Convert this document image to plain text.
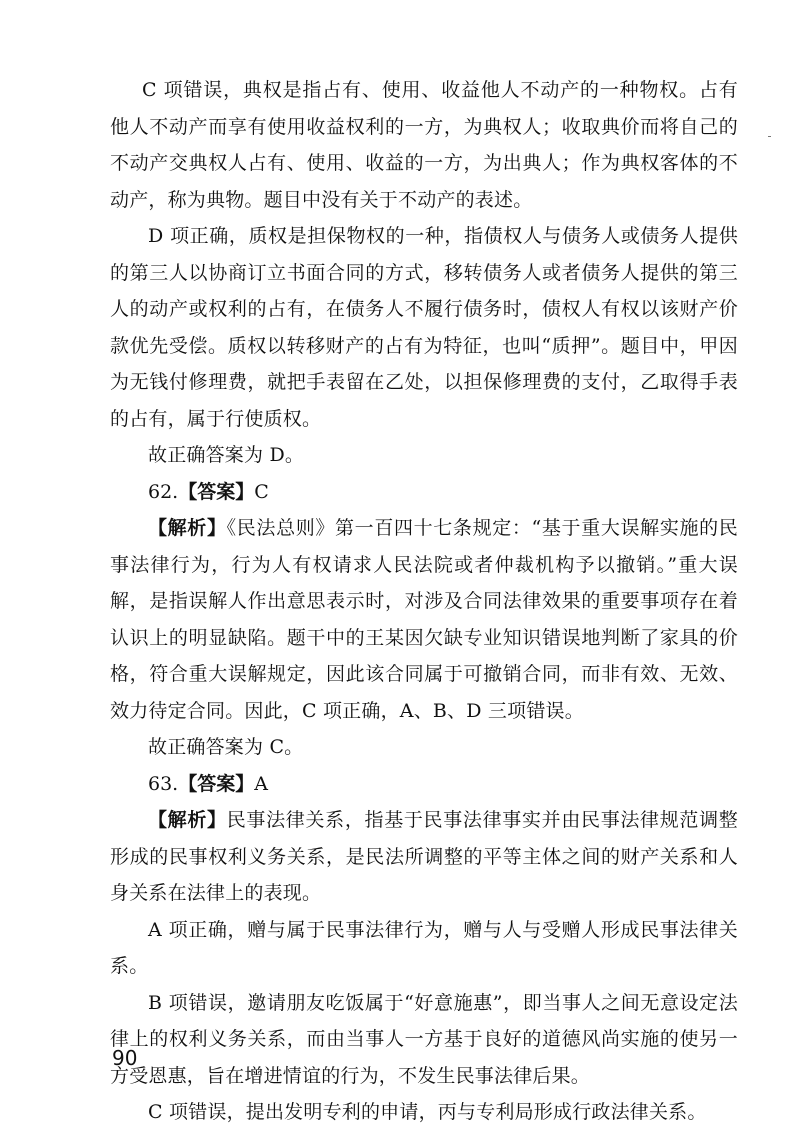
C 项错误，典权是指占有、使用、收益他人不动产的一种物权。占有他人不动产而享有使用收益权利的一方，为典权人；收取典价而将自己的不动产交典权人占有、使用、收益的一方，为出典人；作为典权客体的不动产，称为典物。题目中没有关于不动产的表述。

D 项正确，质权是担保物权的一种，指债权人与债务人或债务人提供的第三人以协商订立书面合同的方式，移转债务人或者债务人提供的第三人的动产或权利的占有，在债务人不履行债务时，债权人有权以该财产价款优先受偿。质权以转移财产的占有为特征，也叫“质押”。题目中，甲因为无钱付修理费，就把手表留在乙处，以担保修理费的支付，乙取得手表的占有，属于行使质权。

故正确答案为 D。

62.【答案】C

【解析】《民法总则》第一百四十七条规定：“基于重大误解实施的民事法律行为，行为人有权请求人民法院或者仲裁机构予以撤销。”重大误解，是指误解人作出意思表示时，对涉及合同法律效果的重要事项存在着认识上的明显缺陷。题干中的王某因欠缺专业知识错误地判断了家具的价格，符合重大误解规定，因此该合同属于可撤销合同，而非有效、无效、效力待定合同。因此，C 项正确，A、B、D 三项错误。

故正确答案为 C。

63.【答案】A

【解析】民事法律关系，指基于民事法律事实并由民事法律规范调整形成的民事权利义务关系，是民法所调整的平等主体之间的财产关系和人身关系在法律上的表现。

A 项正确，赠与属于民事法律行为，赠与人与受赠人形成民事法律关系。

B 项错误，邀请朋友吃饭属于“好意施惠”，即当事人之间无意设定法律上的权利义务关系，而由当事人一方基于良好的道德风尚实施的使另一方受恩惠，旨在增进情谊的行为，不发生民事法律后果。

C 项错误，提出发明专利的申请，丙与专利局形成行政法律关系。

90
